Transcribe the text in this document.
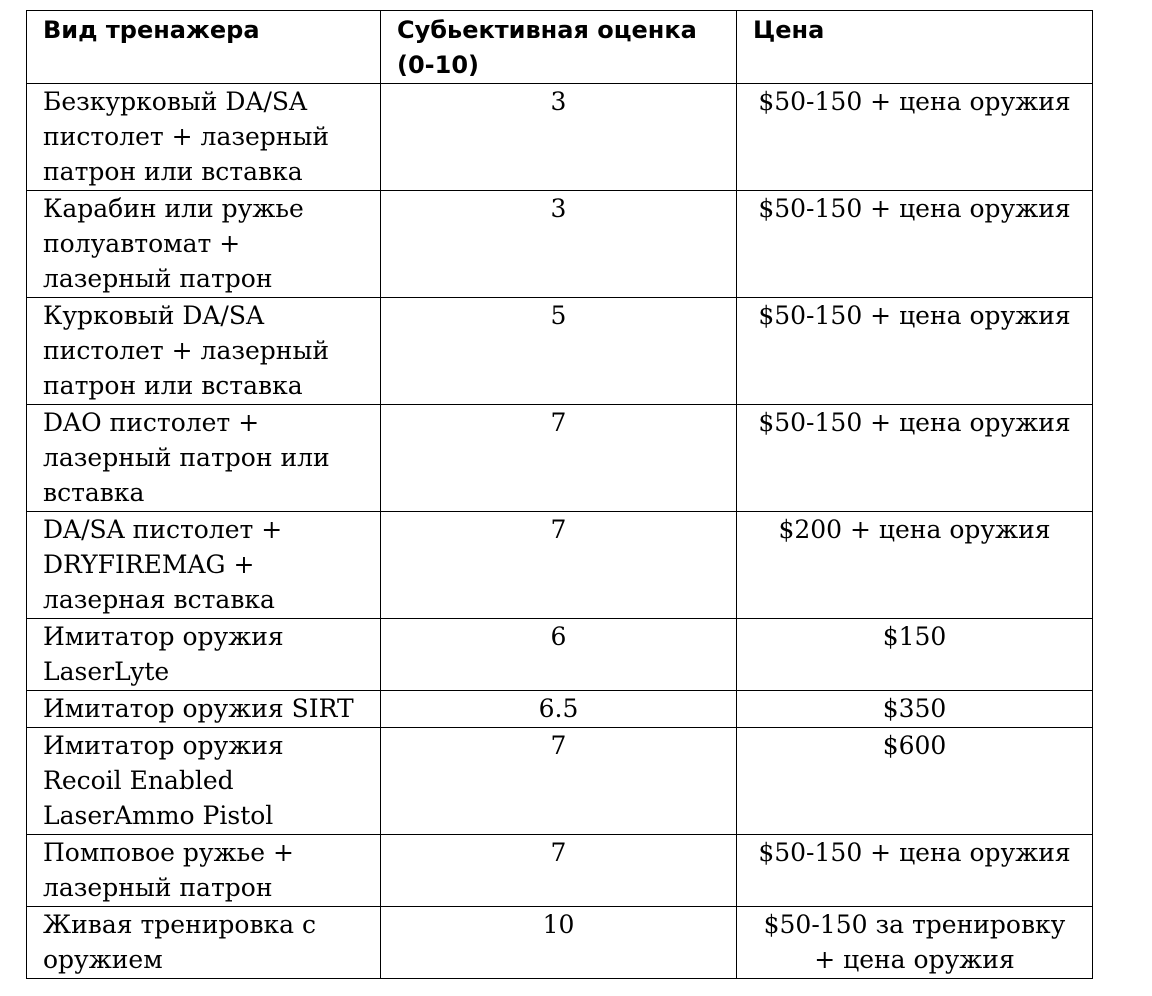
Вид тренажера	Субьективная оценка (0-10)	Цена

Безкурковый DA/SA
пистолет + лазерный
патрон или вставка	3	$50-150 + цена оружия

Карабин или ружье
полуавтомат +
лазерный патрон	3	$50-150 + цена оружия

Курковый DA/SA
пистолет + лазерный
патрон или вставка	5	$50-150 + цена оружия

DAO пистолет +
лазерный патрон или
вставка	7	$50-150 + цена оружия

DA/SA пистолет +
DRYFIREMAG +
лазерная вставка	7	$200 + цена оружия

Имитатор оружия
LaserLyte	6	$150

Имитатор оружия SIRT	6.5	$350

Имитатор оружия
Recoil Enabled
LaserAmmo Pistol	7	$600

Помповое ружье +
лазерный патрон	7	$50-150 + цена оружия

Живая тренировка с
оружием	10	$50-150 за тренировку
+ цена оружия
